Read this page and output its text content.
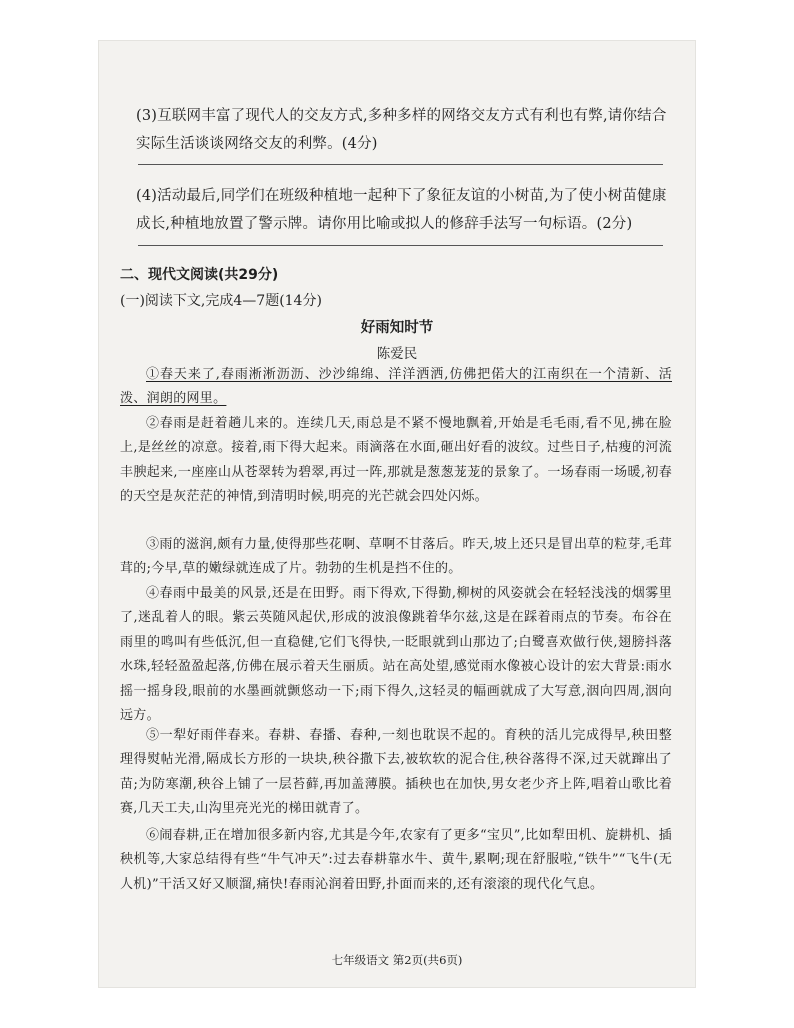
(3)互联网丰富了现代人的交友方式,多种多样的网络交友方式有利也有弊,请你结合实际生活谈谈网络交友的利弊。(4分)
(4)活动最后,同学们在班级种植地一起种下了象征友谊的小树苗,为了使小树苗健康成长,种植地放置了警示牌。请你用比喻或拟人的修辞手法写一句标语。(2分)
二、现代文阅读(共29分)
(一)阅读下文,完成4—7题(14分)
好雨知时节
陈爱民
①春天来了,春雨淅淅沥沥、沙沙绵绵、洋洋洒洒,仿佛把偌大的江南织在一个清新、活泼、润朗的网里。
②春雨是赶着趟儿来的。连续几天,雨总是不紧不慢地飘着,开始是毛毛雨,看不见,拂在脸上,是丝丝的凉意。接着,雨下得大起来。雨滴落在水面,砸出好看的波纹。过些日子,枯瘦的河流丰腴起来,一座座山从苍翠转为碧翠,再过一阵,那就是葱葱茏茏的景象了。一场春雨一场暖,初春的天空是灰茫茫的神情,到清明时候,明亮的光芒就会四处闪烁。
③雨的滋润,颇有力量,使得那些花啊、草啊不甘落后。昨天,坡上还只是冒出草的粒芽,毛茸茸的;今早,草的嫩绿就连成了片。勃勃的生机是挡不住的。
④春雨中最美的风景,还是在田野。雨下得欢,下得勤,柳树的风姿就会在轻轻浅浅的烟雾里了,迷乱着人的眼。紫云英随风起伏,形成的波浪像跳着华尔兹,这是在踩着雨点的节奏。布谷在雨里的鸣叫有些低沉,但一直稳健,它们飞得快,一眨眼就到山那边了;白鹭喜欢做行侠,翅膀抖落水珠,轻轻盈盈起落,仿佛在展示着天生丽质。站在高处望,感觉雨水像被心设计的宏大背景:雨水摇一摇身段,眼前的水墨画就颤悠动一下;雨下得久,这轻灵的幅画就成了大写意,洇向四周,洇向远方。
⑤一犁好雨伴春来。春耕、春播、春种,一刻也耽误不起的。育秧的活儿完成得早,秧田整理得熨帖光滑,隔成长方形的一块块,秧谷撒下去,被软软的泥合住,秧谷落得不深,过天就蹿出了苗;为防寒潮,秧谷上铺了一层苔藓,再加盖薄膜。插秧也在加快,男女老少齐上阵,唱着山歌比着赛,几天工夫,山沟里亮光光的梯田就青了。
⑥闹春耕,正在增加很多新内容,尤其是今年,农家有了更多“宝贝”,比如犁田机、旋耕机、插秧机等,大家总结得有些“牛气冲天”:过去春耕靠水牛、黄牛,累啊;现在舒服啦,“铁牛”“飞牛(无人机)”干活又好又顺溜,痛快!春雨沁润着田野,扑面而来的,还有滚滚的现代化气息。
七年级语文 第2页(共6页)
